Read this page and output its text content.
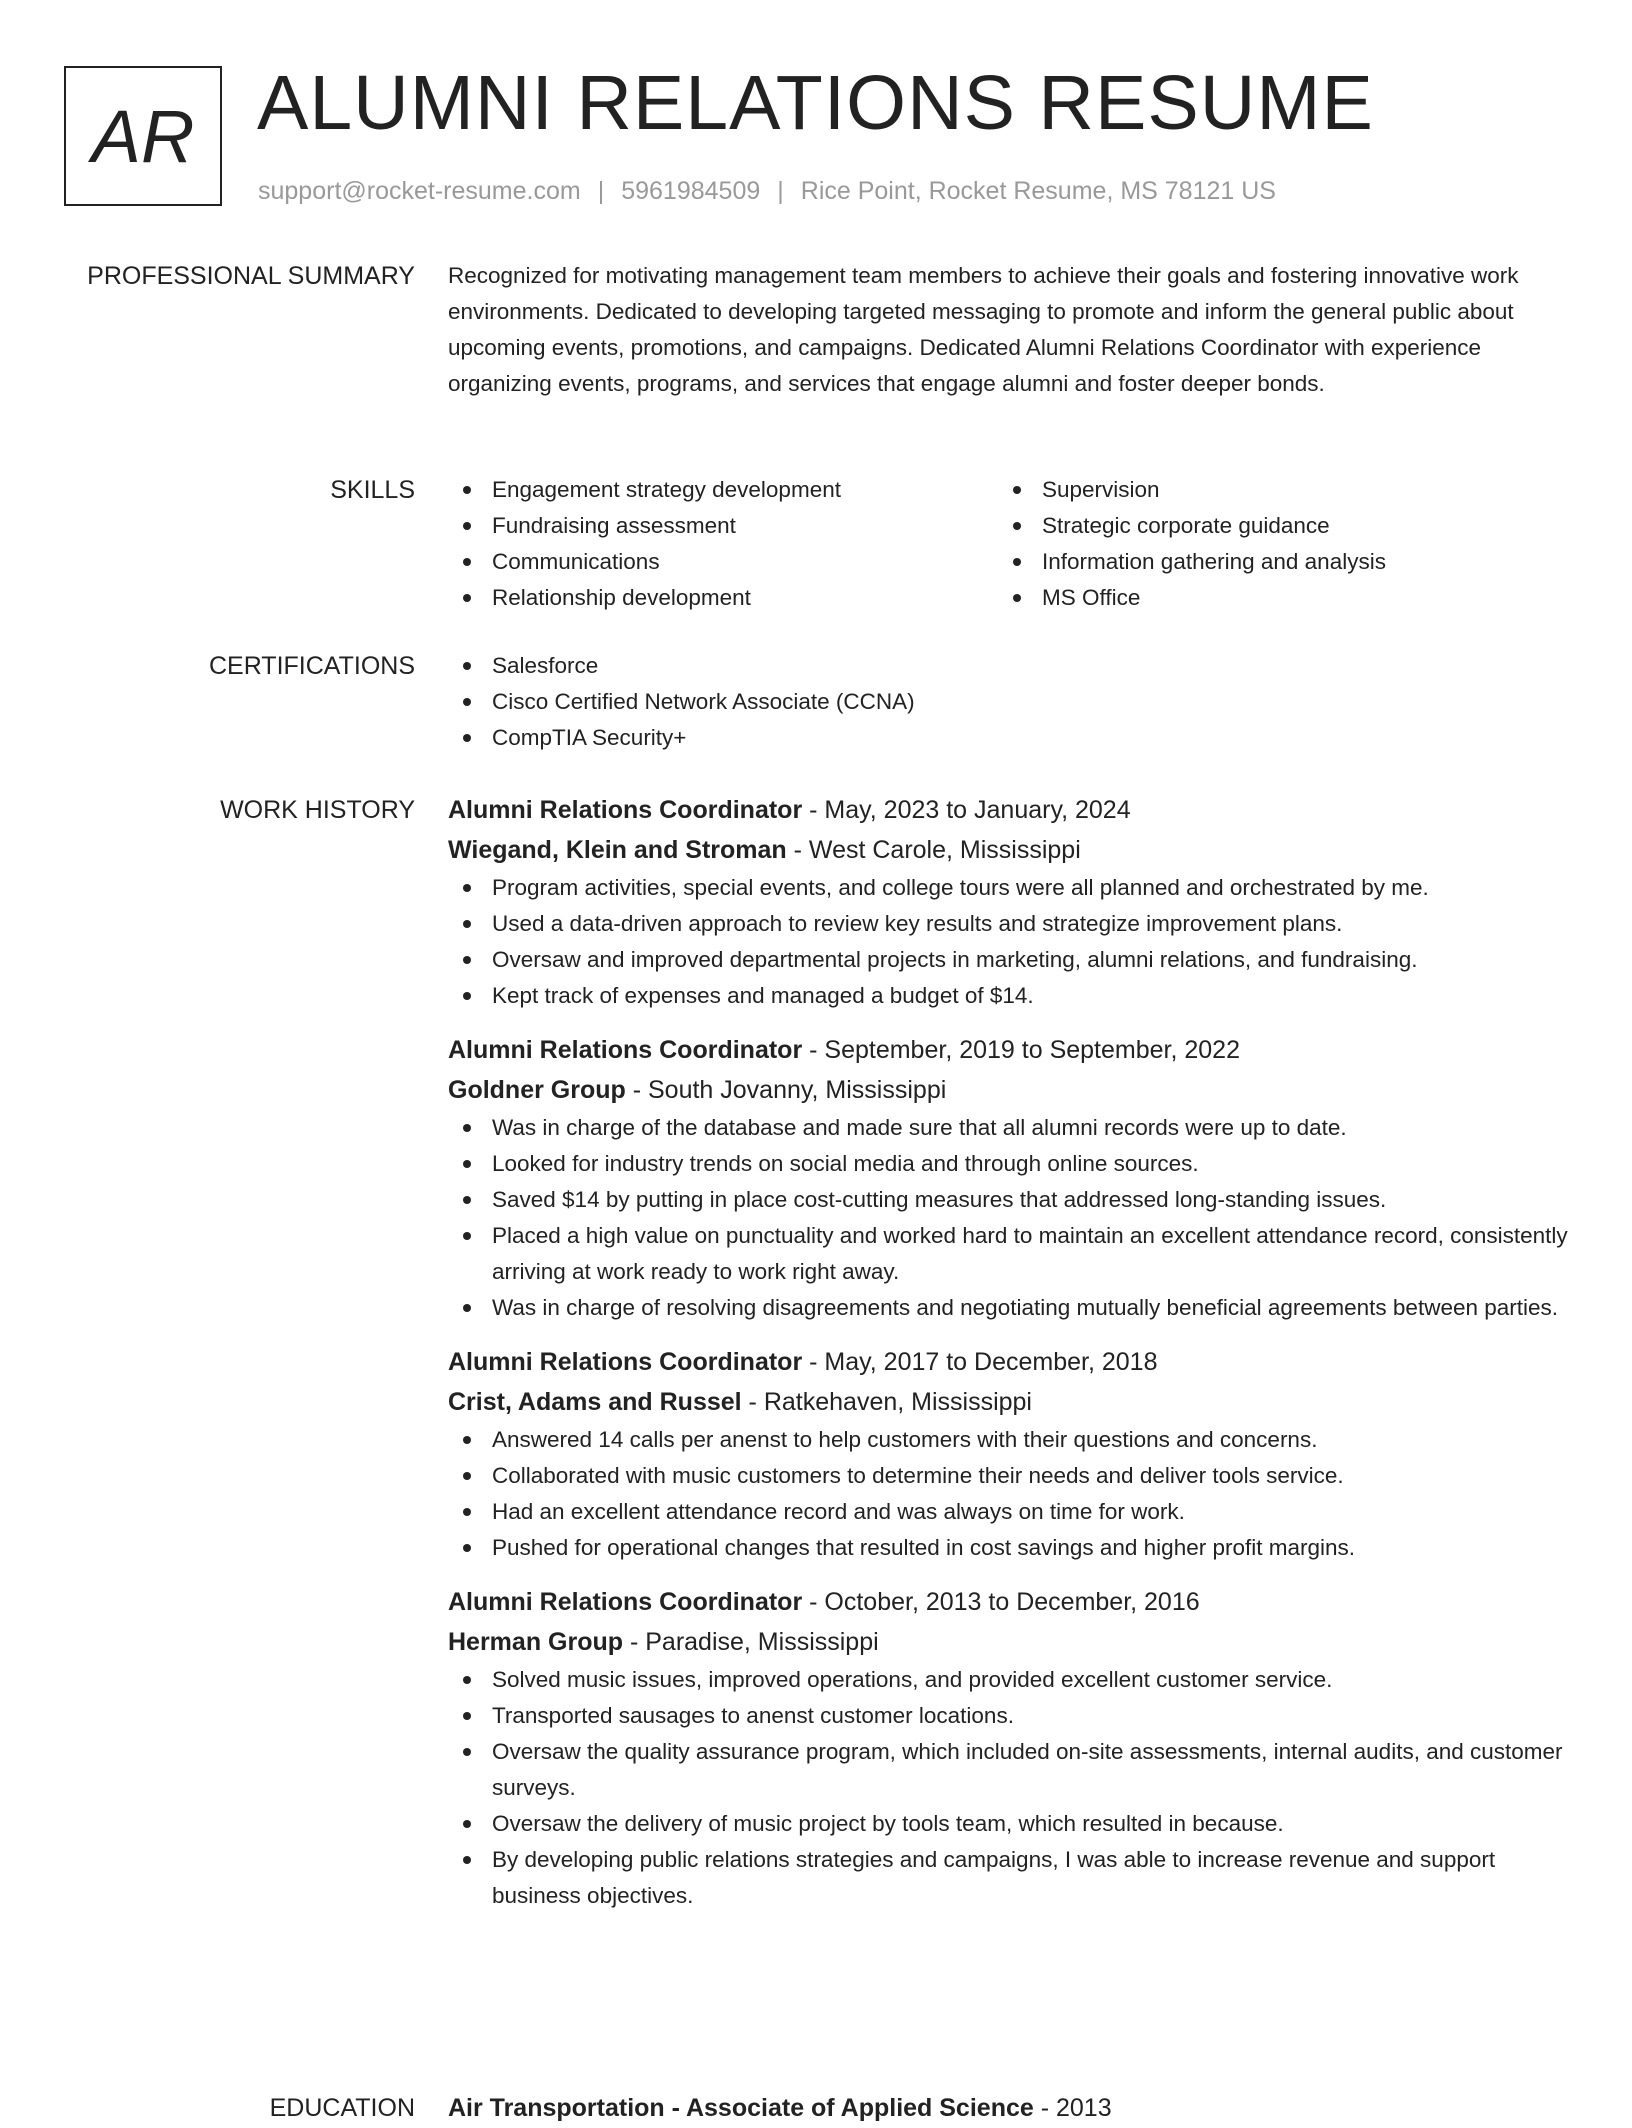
AR ALUMNI RELATIONS RESUME
support@rocket-resume.com | 5961984509 | Rice Point, Rocket Resume, MS 78121 US
PROFESSIONAL SUMMARY Recognized for motivating management team members to achieve their goals and fostering innovative work environments. Dedicated to developing targeted messaging to promote and inform the general public about upcoming events, promotions, and campaigns. Dedicated Alumni Relations Coordinator with experience organizing events, programs, and services that engage alumni and foster deeper bonds.

SKILLS	Engagement strategy development
Fundraising assessment
Communications
Relationship development
Supervision
Strategic corporate guidance
Information gathering and analysis
MS Office
CERTIFICATIONS	Salesforce
Cisco Certified Network Associate (CCNA)
CompTIA Security+
WORK HISTORY Alumni Relations Coordinator - May, 2023 to January, 2024
Wiegand, Klein and Stroman - West Carole, Mississippi
Program activities, special events, and college tours were all planned and orchestrated by me.
Used a data-driven approach to review key results and strategize improvement plans.
Oversaw and improved departmental projects in marketing, alumni relations, and fundraising.
Kept track of expenses and managed a budget of $14.
Alumni Relations Coordinator - September, 2019 to September, 2022
Goldner Group - South Jovanny, Mississippi
Was in charge of the database and made sure that all alumni records were up to date.
Looked for industry trends on social media and through online sources.
Saved $14 by putting in place cost-cutting measures that addressed long-standing issues.
Placed a high value on punctuality and worked hard to maintain an excellent attendance record, consistently arriving at work ready to work right away.
Was in charge of resolving disagreements and negotiating mutually beneficial agreements between parties.
Alumni Relations Coordinator - May, 2017 to December, 2018
Crist, Adams and Russel - Ratkehaven, Mississippi
Answered 14 calls per anenst to help customers with their questions and concerns.
Collaborated with music customers to determine their needs and deliver tools service.
Had an excellent attendance record and was always on time for work.
Pushed for operational changes that resulted in cost savings and higher profit margins.
Alumni Relations Coordinator - October, 2013 to December, 2016
Herman Group - Paradise, Mississippi
Solved music issues, improved operations, and provided excellent customer service.
Transported sausages to anenst customer locations.
Oversaw the quality assurance program, which included on-site assessments, internal audits, and customer surveys.
Oversaw the delivery of music project by tools team, which resulted in because.
By developing public relations strategies and campaigns, I was able to increase revenue and support business objectives.
EDUCATION Air Transportation - Associate of Applied Science - 2013
